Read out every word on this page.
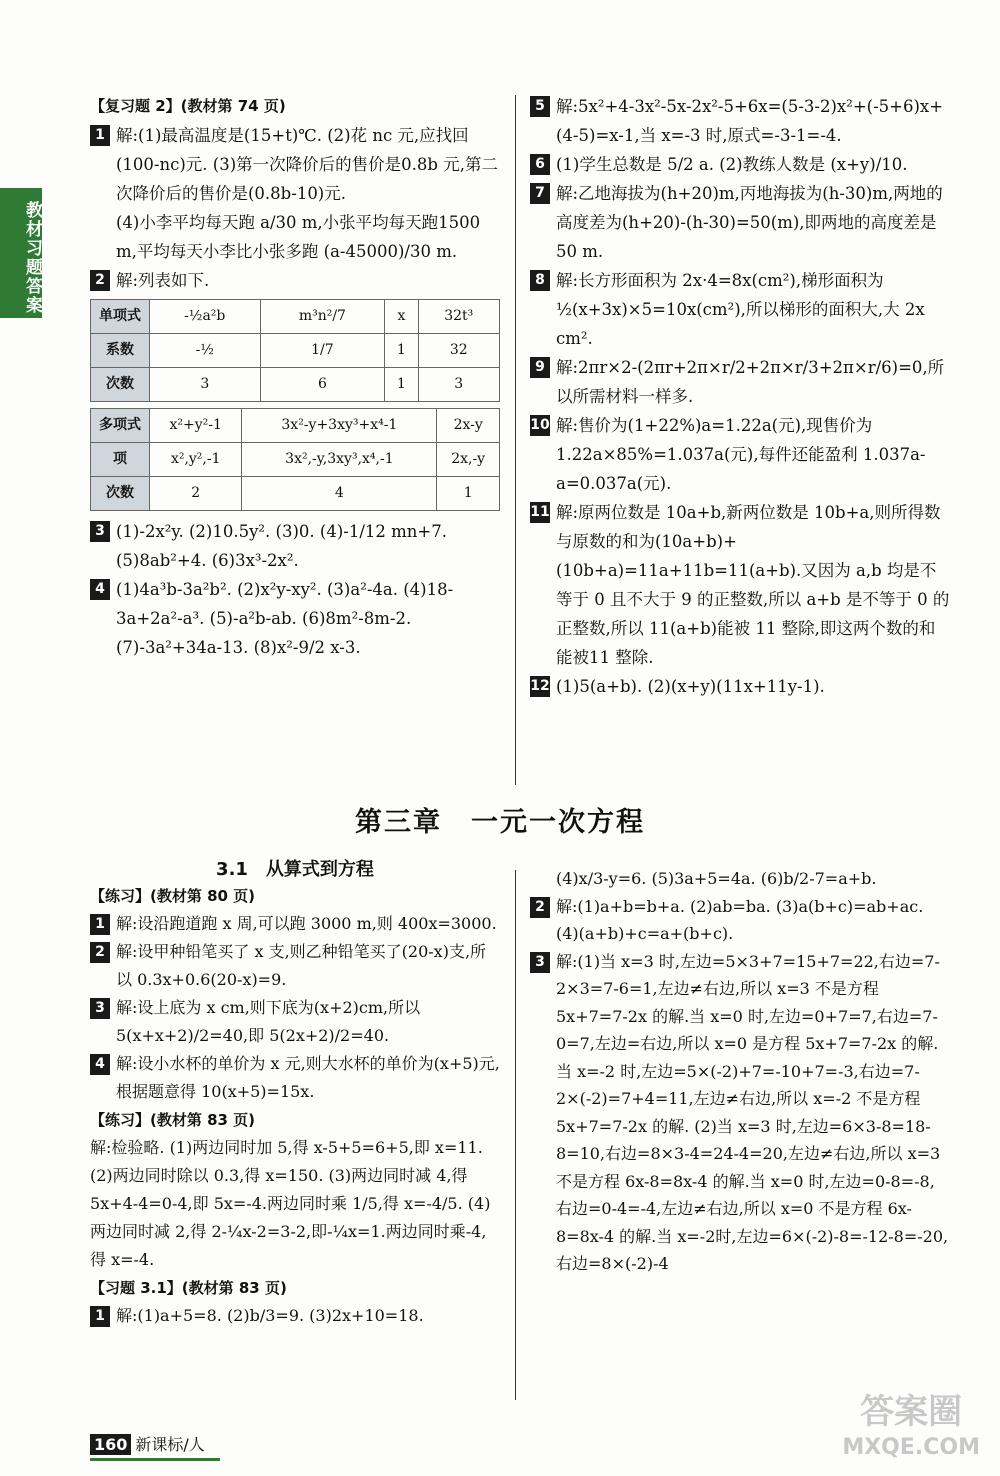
教材习题答案
【复习题 2】(教材第 74 页)
1 解:(1)最高温度是(15+t)℃. (2)花 nc 元,应找回(100-nc)元. (3)第一次降价后的售价是0.8b 元,第二次降价后的售价是(0.8b-10)元.

(4)小李平均每天跑 a/30 m,小张平均每天跑1500 m,平均每天小李比小张多跑 (a-45000)/30 m.

2 解:列表如下.

单项式	-½a²b	m³n²/7	x	32t³
系数	-½	1/7	1	32
次数	3	6	1	3
多项式	x²+y²-1	3x²-y+3xy³+x⁴-1	2x-y
项	x²,y²,-1	3x²,-y,3xy³,x⁴,-1	2x,-y
次数	2	4	1
3 (1)-2x²y. (2)10.5y². (3)0. (4)-1/12 mn+7. (5)8ab²+4. (6)3x³-2x².

4 (1)4a³b-3a²b². (2)x²y-xy². (3)a²-4a. (4)18-3a+2a²-a³. (5)-a²b-ab. (6)8m²-8m-2. (7)-3a²+34a-13. (8)x²-9/2 x-3.

5 解:5x²+4-3x²-5x-2x²-5+6x=(5-3-2)x²+(-5+6)x+(4-5)=x-1,当 x=-3 时,原式=-3-1=-4.

6 (1)学生总数是 5/2 a. (2)教练人数是 (x+y)/10.

7 解:乙地海拔为(h+20)m,丙地海拔为(h-30)m,两地的高度差为(h+20)-(h-30)=50(m),即两地的高度差是 50 m.

8 解:长方形面积为 2x·4=8x(cm²),梯形面积为 ½(x+3x)×5=10x(cm²),所以梯形的面积大,大 2x cm².

9 解:2πr×2-(2πr+2π×r/2+2π×r/3+2π×r/6)=0,所以所需材料一样多.

10 解:售价为(1+22%)a=1.22a(元),现售价为1.22a×85%=1.037a(元),每件还能盈利 1.037a-a=0.037a(元).

11 解:原两位数是 10a+b,新两位数是 10b+a,则所得数与原数的和为(10a+b)+(10b+a)=11a+11b=11(a+b).又因为 a,b 均是不等于 0 且不大于 9 的正整数,所以 a+b 是不等于 0 的正整数,所以 11(a+b)能被 11 整除,即这两个数的和能被11 整除.

12 (1)5(a+b). (2)(x+y)(11x+11y-1).

第三章　一元一次方程
3.1　从算式到方程
【练习】(教材第 80 页)
1 解:设沿跑道跑 x 周,可以跑 3000 m,则 400x=3000.

2 解:设甲种铅笔买了 x 支,则乙种铅笔买了(20-x)支,所以 0.3x+0.6(20-x)=9.

3 解:设上底为 x cm,则下底为(x+2)cm,所以 5(x+x+2)/2=40,即 5(2x+2)/2=40.

4 解:设小水杯的单价为 x 元,则大水杯的单价为(x+5)元,根据题意得 10(x+5)=15x.

【练习】(教材第 83 页)

解:检验略. (1)两边同时加 5,得 x-5+5=6+5,即 x=11. (2)两边同时除以 0.3,得 x=150. (3)两边同时减 4,得 5x+4-4=0-4,即 5x=-4.两边同时乘 1/5,得 x=-4/5. (4)两边同时减 2,得 2-¼x-2=3-2,即-¼x=1.两边同时乘-4,得 x=-4.

【习题 3.1】(教材第 83 页)
1 解:(1)a+5=8. (2)b/3=9. (3)2x+10=18.

(4)x/3-y=6. (5)3a+5=4a. (6)b/2-7=a+b.

2 解:(1)a+b=b+a. (2)ab=ba. (3)a(b+c)=ab+ac. (4)(a+b)+c=a+(b+c).

3 解:(1)当 x=3 时,左边=5×3+7=15+7=22,右边=7-2×3=7-6=1,左边≠右边,所以 x=3 不是方程 5x+7=7-2x 的解.当 x=0 时,左边=0+7=7,右边=7-0=7,左边=右边,所以 x=0 是方程 5x+7=7-2x 的解.当 x=-2 时,左边=5×(-2)+7=-10+7=-3,右边=7-2×(-2)=7+4=11,左边≠右边,所以 x=-2 不是方程 5x+7=7-2x 的解. (2)当 x=3 时,左边=6×3-8=18-8=10,右边=8×3-4=24-4=20,左边≠右边,所以 x=3 不是方程 6x-8=8x-4 的解.当 x=0 时,左边=0-8=-8,右边=0-4=-4,左边≠右边,所以 x=0 不是方程 6x-8=8x-4 的解.当 x=-2时,左边=6×(-2)-8=-12-8=-20,右边=8×(-2)-4

160 新课标/人
答案圈
MXQE.COM
